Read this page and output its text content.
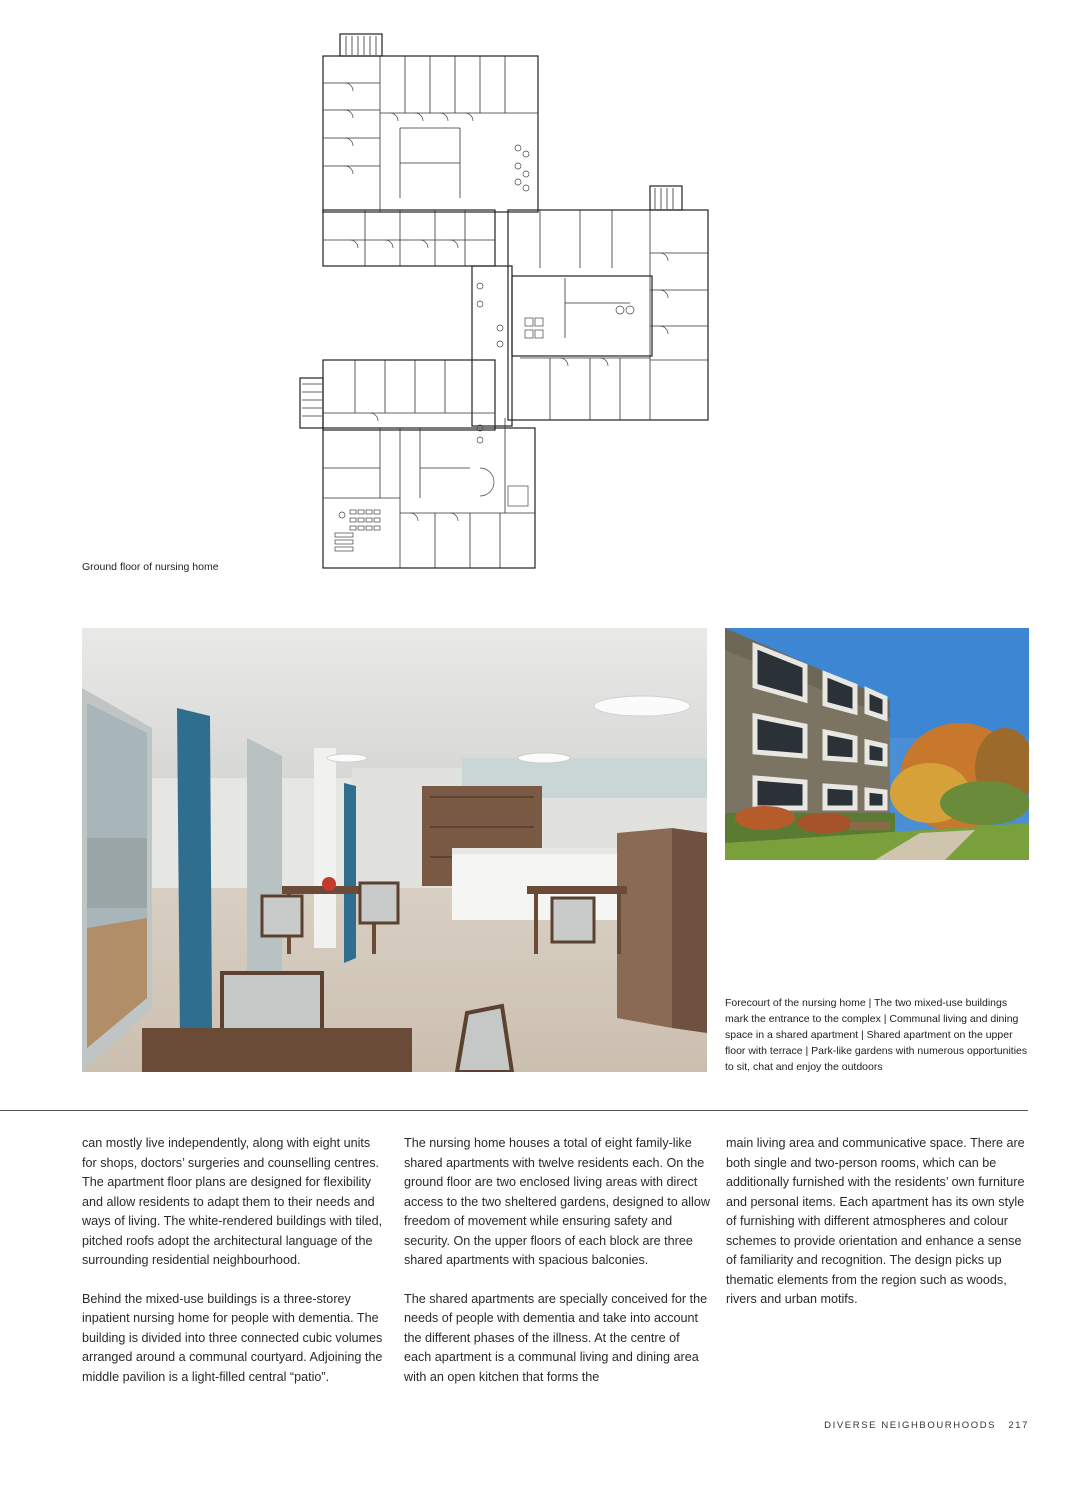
Ground floor of nursing home
Forecourt of the nursing home | The two mixed-use buildings mark the entrance to the complex | Communal living and dining space in a shared apartment | Shared apartment on the upper floor with terrace | Park-like gardens with numerous opportunities to sit, chat and enjoy the outdoors

can mostly live independently, along with eight units for shops, doctors’ surgeries and counselling centres. The apartment floor plans are designed for flexibility and allow residents to adapt them to their needs and ways of living. The white-rendered buildings with tiled, pitched roofs adopt the architectural language of the surrounding residential neighbourhood.

Behind the mixed-use buildings is a three-storey inpatient nursing home for people with dementia. The building is divided into three connected cubic volumes arranged around a communal courtyard. Adjoining the middle pavilion is a light-filled central “patio”.

The nursing home houses a total of eight family-like shared apartments with twelve residents each. On the ground floor are two enclosed living areas with direct access to the two sheltered gardens, designed to allow freedom of movement while ensuring safety and security. On the upper floors of each block are three shared apartments with spacious balconies.

The shared apartments are specially conceived for the needs of people with dementia and take into account the different phases of the illness. At the centre of each apartment is a communal living and dining area with an open kitchen that forms the

main living area and communicative space. There are both single and two-person rooms, which can be additionally furnished with the residents’ own furniture and personal items. Each apartment has its own style of furnishing with different atmospheres and colour schemes to provide orientation and enhance a sense of familiarity and recognition. The design picks up thematic elements from the region such as woods, rivers and urban motifs.

DIVERSE NEIGHBOURHOODS 217
